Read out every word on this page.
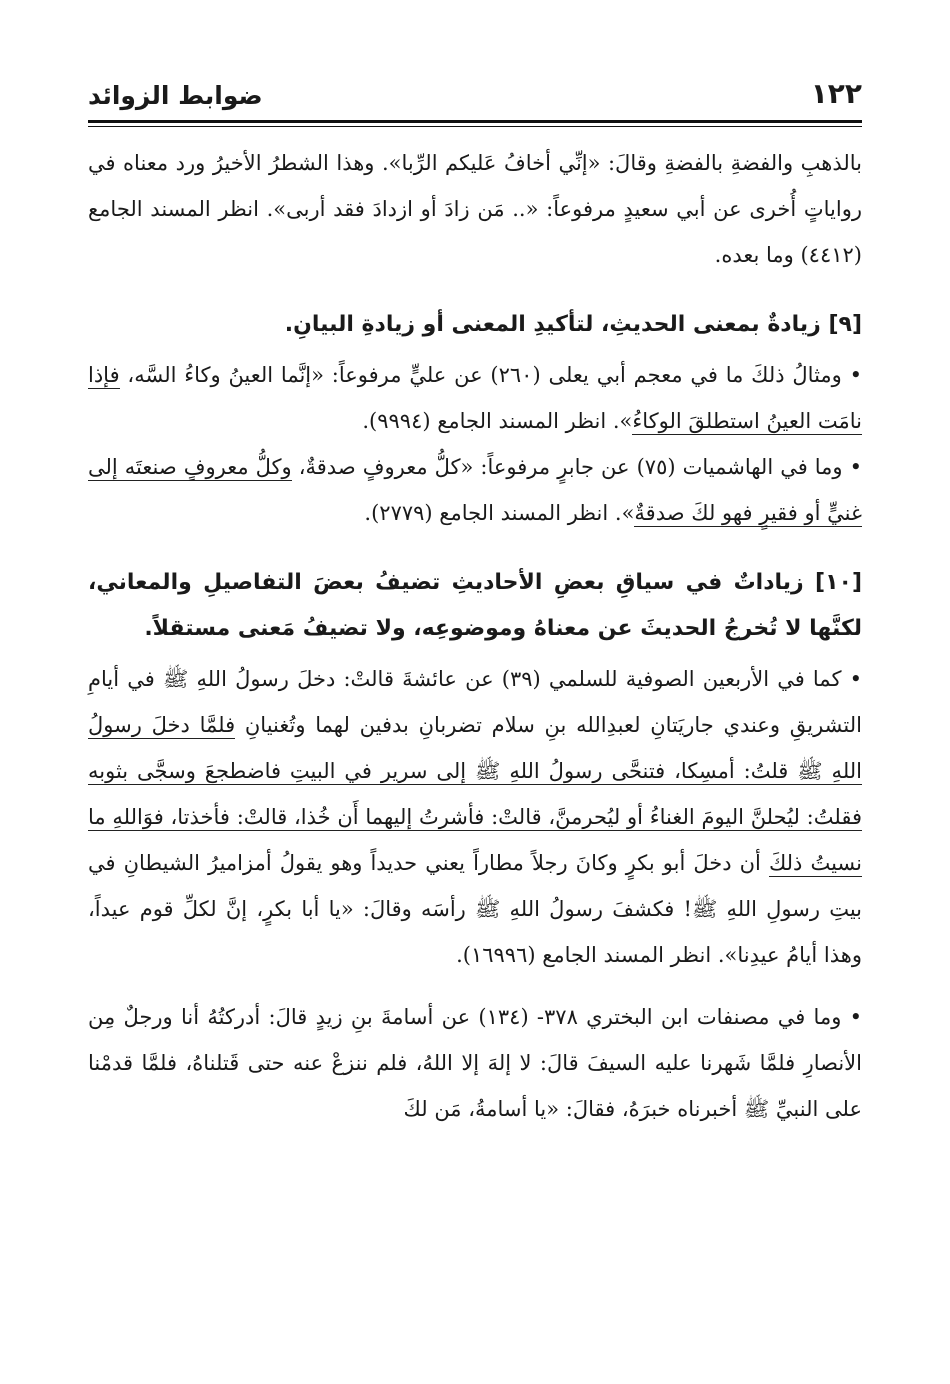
١٢٢
ضوابط الزوائد

بالذهبِ والفضةِ بالفضةِ وقالَ: «إنِّي أخافُ عَليكم الرِّبا». وهذا الشطرُ الأخيرُ ورد معناه في رواياتٍ أُخرى عن أبي سعيدٍ مرفوعاً: «.. مَن زادَ أو ازدادَ فقد أربى». انظر المسند الجامع (٤٤١٢) وما بعده.

[٩] زيادةٌ بمعنى الحديثِ، لتأكيدِ المعنى أو زيادةِ البيانِ.

• ومثالُ ذلكَ ما في معجم أبي يعلى (٢٦٠) عن عليٍّ مرفوعاً: «إنَّما العينُ وكاءُ السَّه، فإذا نامَت العينُ استطلقَ الوكاءُ». انظر المسند الجامع (٩٩٩٤).

• وما في الهاشميات (٧٥) عن جابرٍ مرفوعاً: «كلُّ معروفٍ صدقةٌ، وكلُّ معروفٍ صنعتَه إلى غنيٍّ أو فقيرٍ فهو لكَ صدقةٌ». انظر المسند الجامع (٢٧٧٩).

[١٠] زياداتٌ في سياقِ بعضِ الأحاديثِ تضيفُ بعضَ التفاصيلِ والمعاني، لكنَّها لا تُخرجُ الحديثَ عن معناهُ وموضوعِه، ولا تضيفُ مَعنى مستقلاً.

• كما في الأربعين الصوفية للسلمي (٣٩) عن عائشةَ قالتْ: دخلَ رسولُ اللهِ ﷺ في أيامِ التشريقِ وعندي جاريَتانِ لعبدِالله بنِ سلام تضربانِ بدفين لهما وتُغنيانِ فلمَّا دخلَ رسولُ اللهِ ﷺ قلتُ: أمسِكا، فتنحَّى رسولُ اللهِ ﷺ إلى سرير في البيتِ فاضطجعَ وسجَّى بثوبه فقلتُ: ليُحلنَّ اليومَ الغناءُ أو ليُحرمنَّ، قالتْ: فأشرتُ إليهما أَن خُذا، قالتْ: فأخذتا، فوَاللهِ ما نسيتُ ذلكَ أن دخلَ أبو بكرٍ وكانَ رجلاً مطاراً يعني حديداً وهو يقولُ أمزاميرُ الشيطانِ في بيتِ رسولِ اللهِ ﷺ! فكشفَ رسولُ اللهِ ﷺ رأسَه وقالَ: «يا أبا بكرٍ، إنَّ لكلِّ قوم عيداً، وهذا أيامُ عيدِنا». انظر المسند الجامع (١٦٩٩٦).

• وما في مصنفات ابن البختري ٣٧٨- (١٣٤) عن أسامةَ بنِ زيدٍ قالَ: أدركتُهُ أنا ورجلٌ مِن الأنصارِ فلمَّا شَهرنا عليه السيفَ قالَ: لا إلهَ إلا اللهُ، فلم ننزعْ عنه حتى قَتلناهُ، فلمَّا قدمْنا على النبيِّ ﷺ أخبرناه خبرَهُ، فقالَ: «يا أسامةُ، مَن لكَ
